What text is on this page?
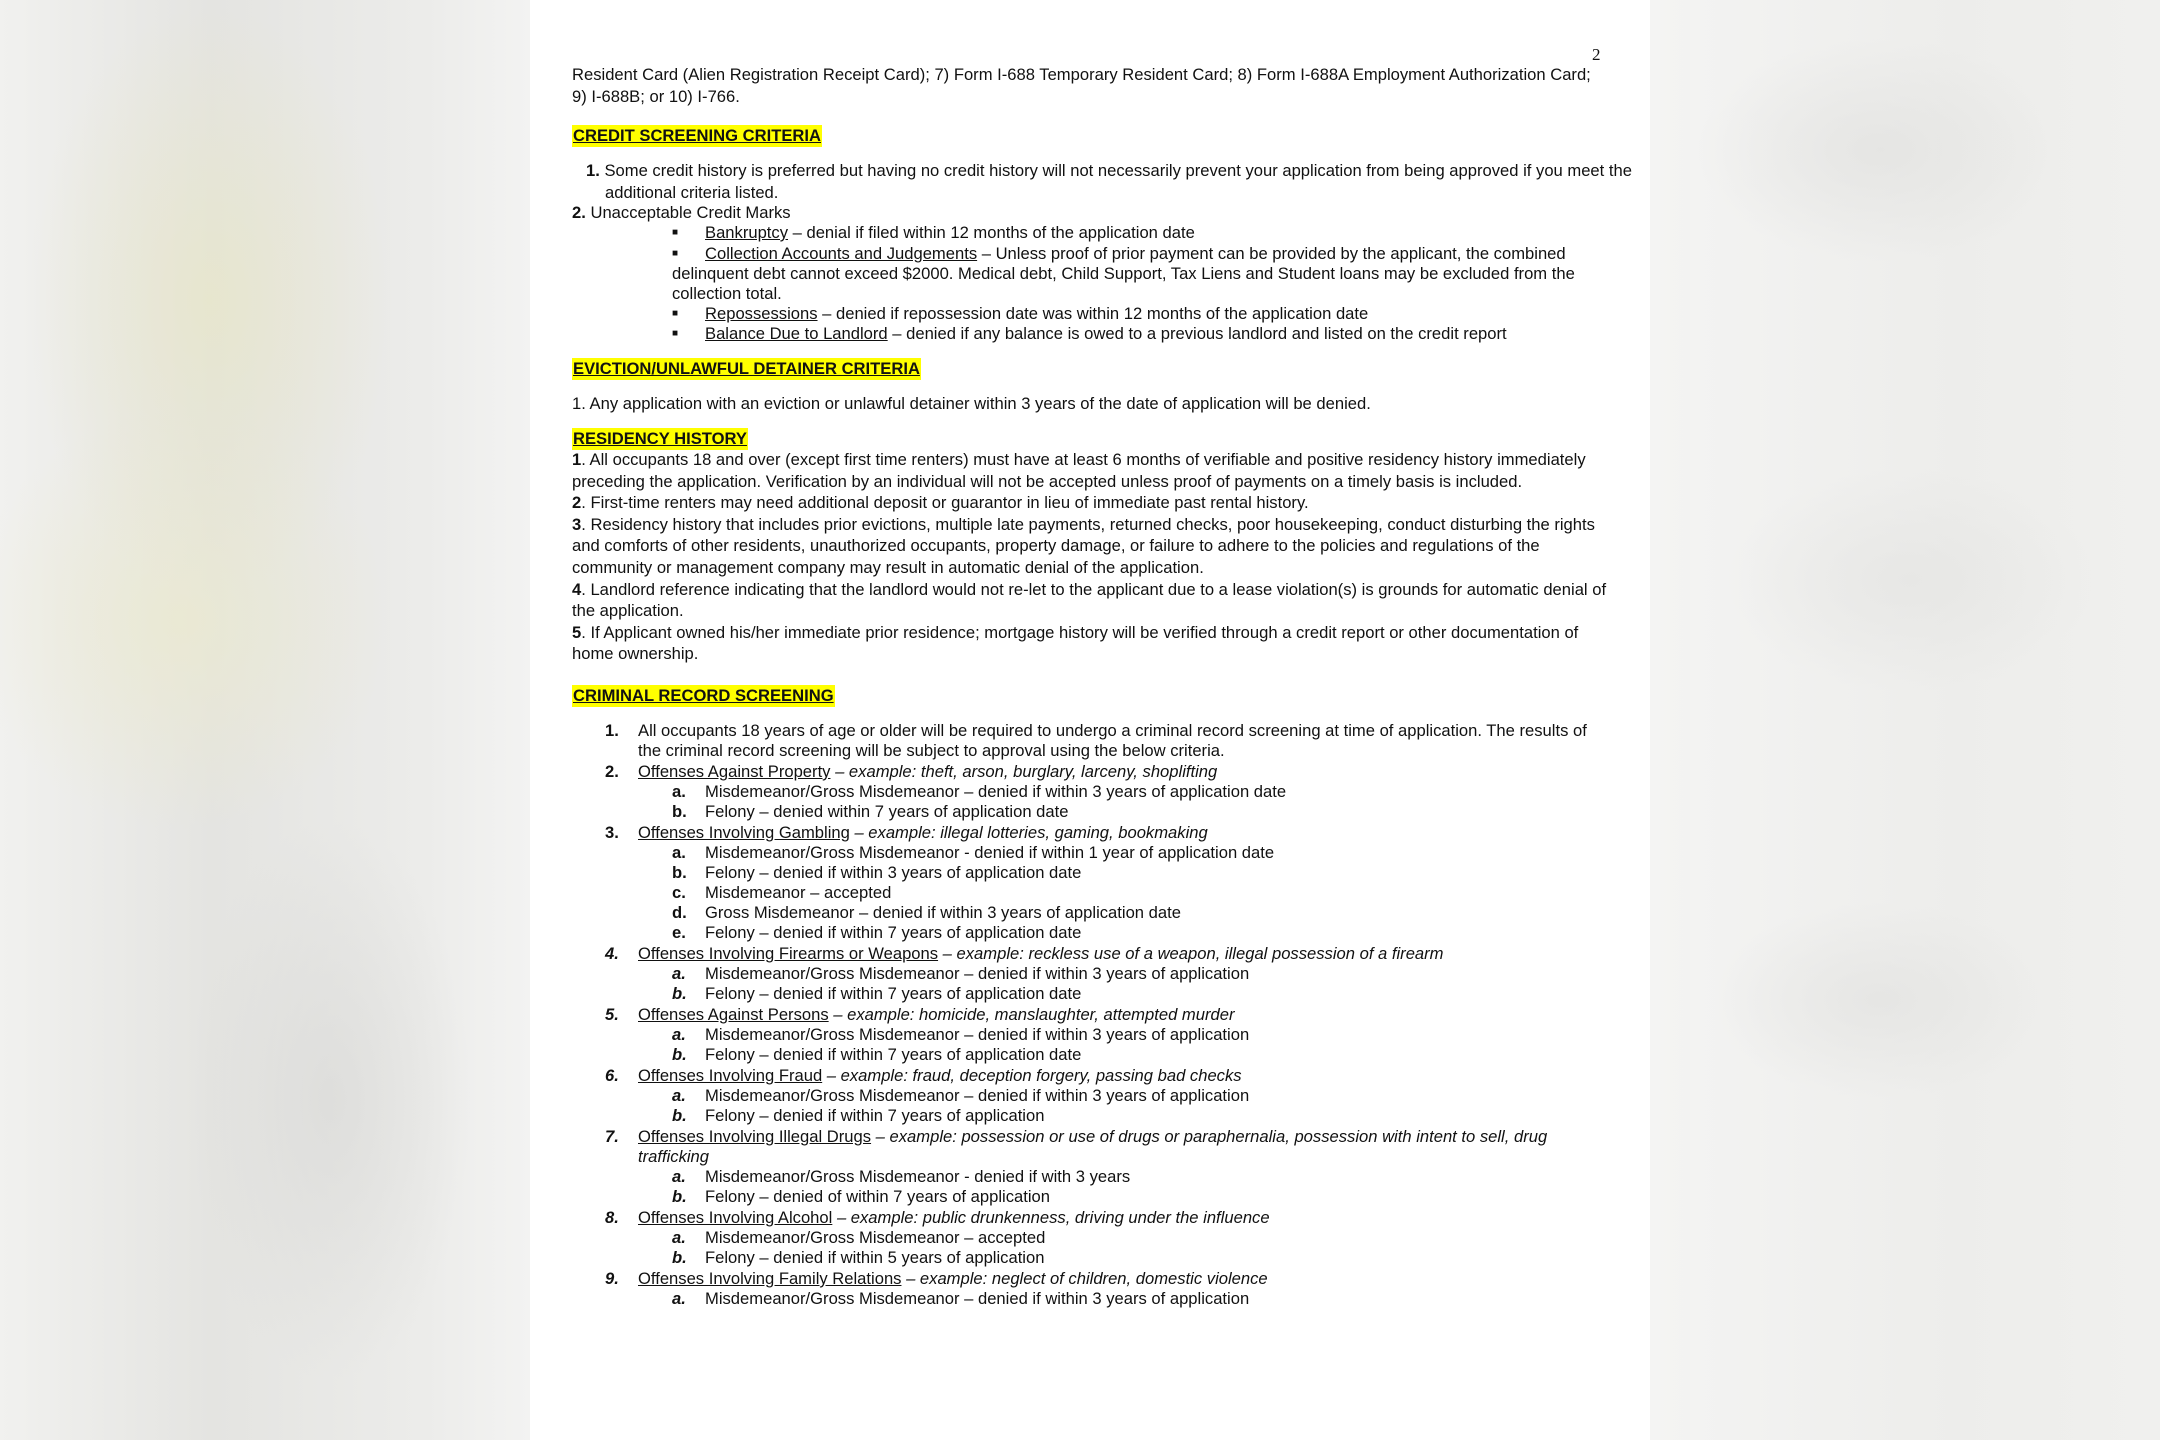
2
Resident Card (Alien Registration Receipt Card); 7) Form I-688 Temporary Resident Card; 8) Form I-688A Employment Authorization Card; 9) I-688B; or 10) I-766.
CREDIT SCREENING CRITERIA
1. Some credit history is preferred but having no credit history will not necessarily prevent your application from being approved if you meet the additional criteria listed.
2. Unacceptable Credit Marks
■ Bankruptcy – denial if filed within 12 months of the application date
■ Collection Accounts and Judgements – Unless proof of prior payment can be provided by the applicant, the combined
delinquent debt cannot exceed $2000. Medical debt, Child Support, Tax Liens and Student loans may be excluded from the
collection total.
■ Repossessions – denied if repossession date was within 12 months of the application date
■ Balance Due to Landlord – denied if any balance is owed to a previous landlord and listed on the credit report
EVICTION/UNLAWFUL DETAINER CRITERIA
1. Any application with an eviction or unlawful detainer within 3 years of the date of application will be denied.
RESIDENCY HISTORY
1. All occupants 18 and over (except first time renters) must have at least 6 months of verifiable and positive residency history immediately
preceding the application. Verification by an individual will not be accepted unless proof of payments on a timely basis is included.
2. First-time renters may need additional deposit or guarantor in lieu of immediate past rental history.
3. Residency history that includes prior evictions, multiple late payments, returned checks, poor housekeeping, conduct disturbing the rights
and comforts of other residents, unauthorized occupants, property damage, or failure to adhere to the policies and regulations of the
community or management company may result in automatic denial of the application.
4. Landlord reference indicating that the landlord would not re-let to the applicant due to a lease violation(s) is grounds for automatic denial of
the application.
5. If Applicant owned his/her immediate prior residence; mortgage history will be verified through a credit report or other documentation of
home ownership.
CRIMINAL RECORD SCREENING
1. All occupants 18 years of age or older will be required to undergo a criminal record screening at time of application. The results of
the criminal record screening will be subject to approval using the below criteria.
2. Offenses Against Property – example: theft, arson, burglary, larceny, shoplifting
a. Misdemeanor/Gross Misdemeanor – denied if within 3 years of application date
b. Felony – denied within 7 years of application date
3. Offenses Involving Gambling – example: illegal lotteries, gaming, bookmaking
a. Misdemeanor/Gross Misdemeanor - denied if within 1 year of application date
b. Felony – denied if within 3 years of application date
c. Misdemeanor – accepted
d. Gross Misdemeanor – denied if within 3 years of application date
e. Felony – denied if within 7 years of application date
4. Offenses Involving Firearms or Weapons – example: reckless use of a weapon, illegal possession of a firearm
a. Misdemeanor/Gross Misdemeanor – denied if within 3 years of application
b. Felony – denied if within 7 years of application date
5. Offenses Against Persons – example: homicide, manslaughter, attempted murder
a. Misdemeanor/Gross Misdemeanor – denied if within 3 years of application
b. Felony – denied if within 7 years of application date
6. Offenses Involving Fraud – example: fraud, deception forgery, passing bad checks
a. Misdemeanor/Gross Misdemeanor – denied if within 3 years of application
b. Felony – denied if within 7 years of application
7. Offenses Involving Illegal Drugs – example: possession or use of drugs or paraphernalia, possession with intent to sell, drug
trafficking
a. Misdemeanor/Gross Misdemeanor - denied if with 3 years
b. Felony – denied of within 7 years of application
8. Offenses Involving Alcohol – example: public drunkenness, driving under the influence
a. Misdemeanor/Gross Misdemeanor – accepted
b. Felony – denied if within 5 years of application
9. Offenses Involving Family Relations – example: neglect of children, domestic violence
a. Misdemeanor/Gross Misdemeanor – denied if within 3 years of application
